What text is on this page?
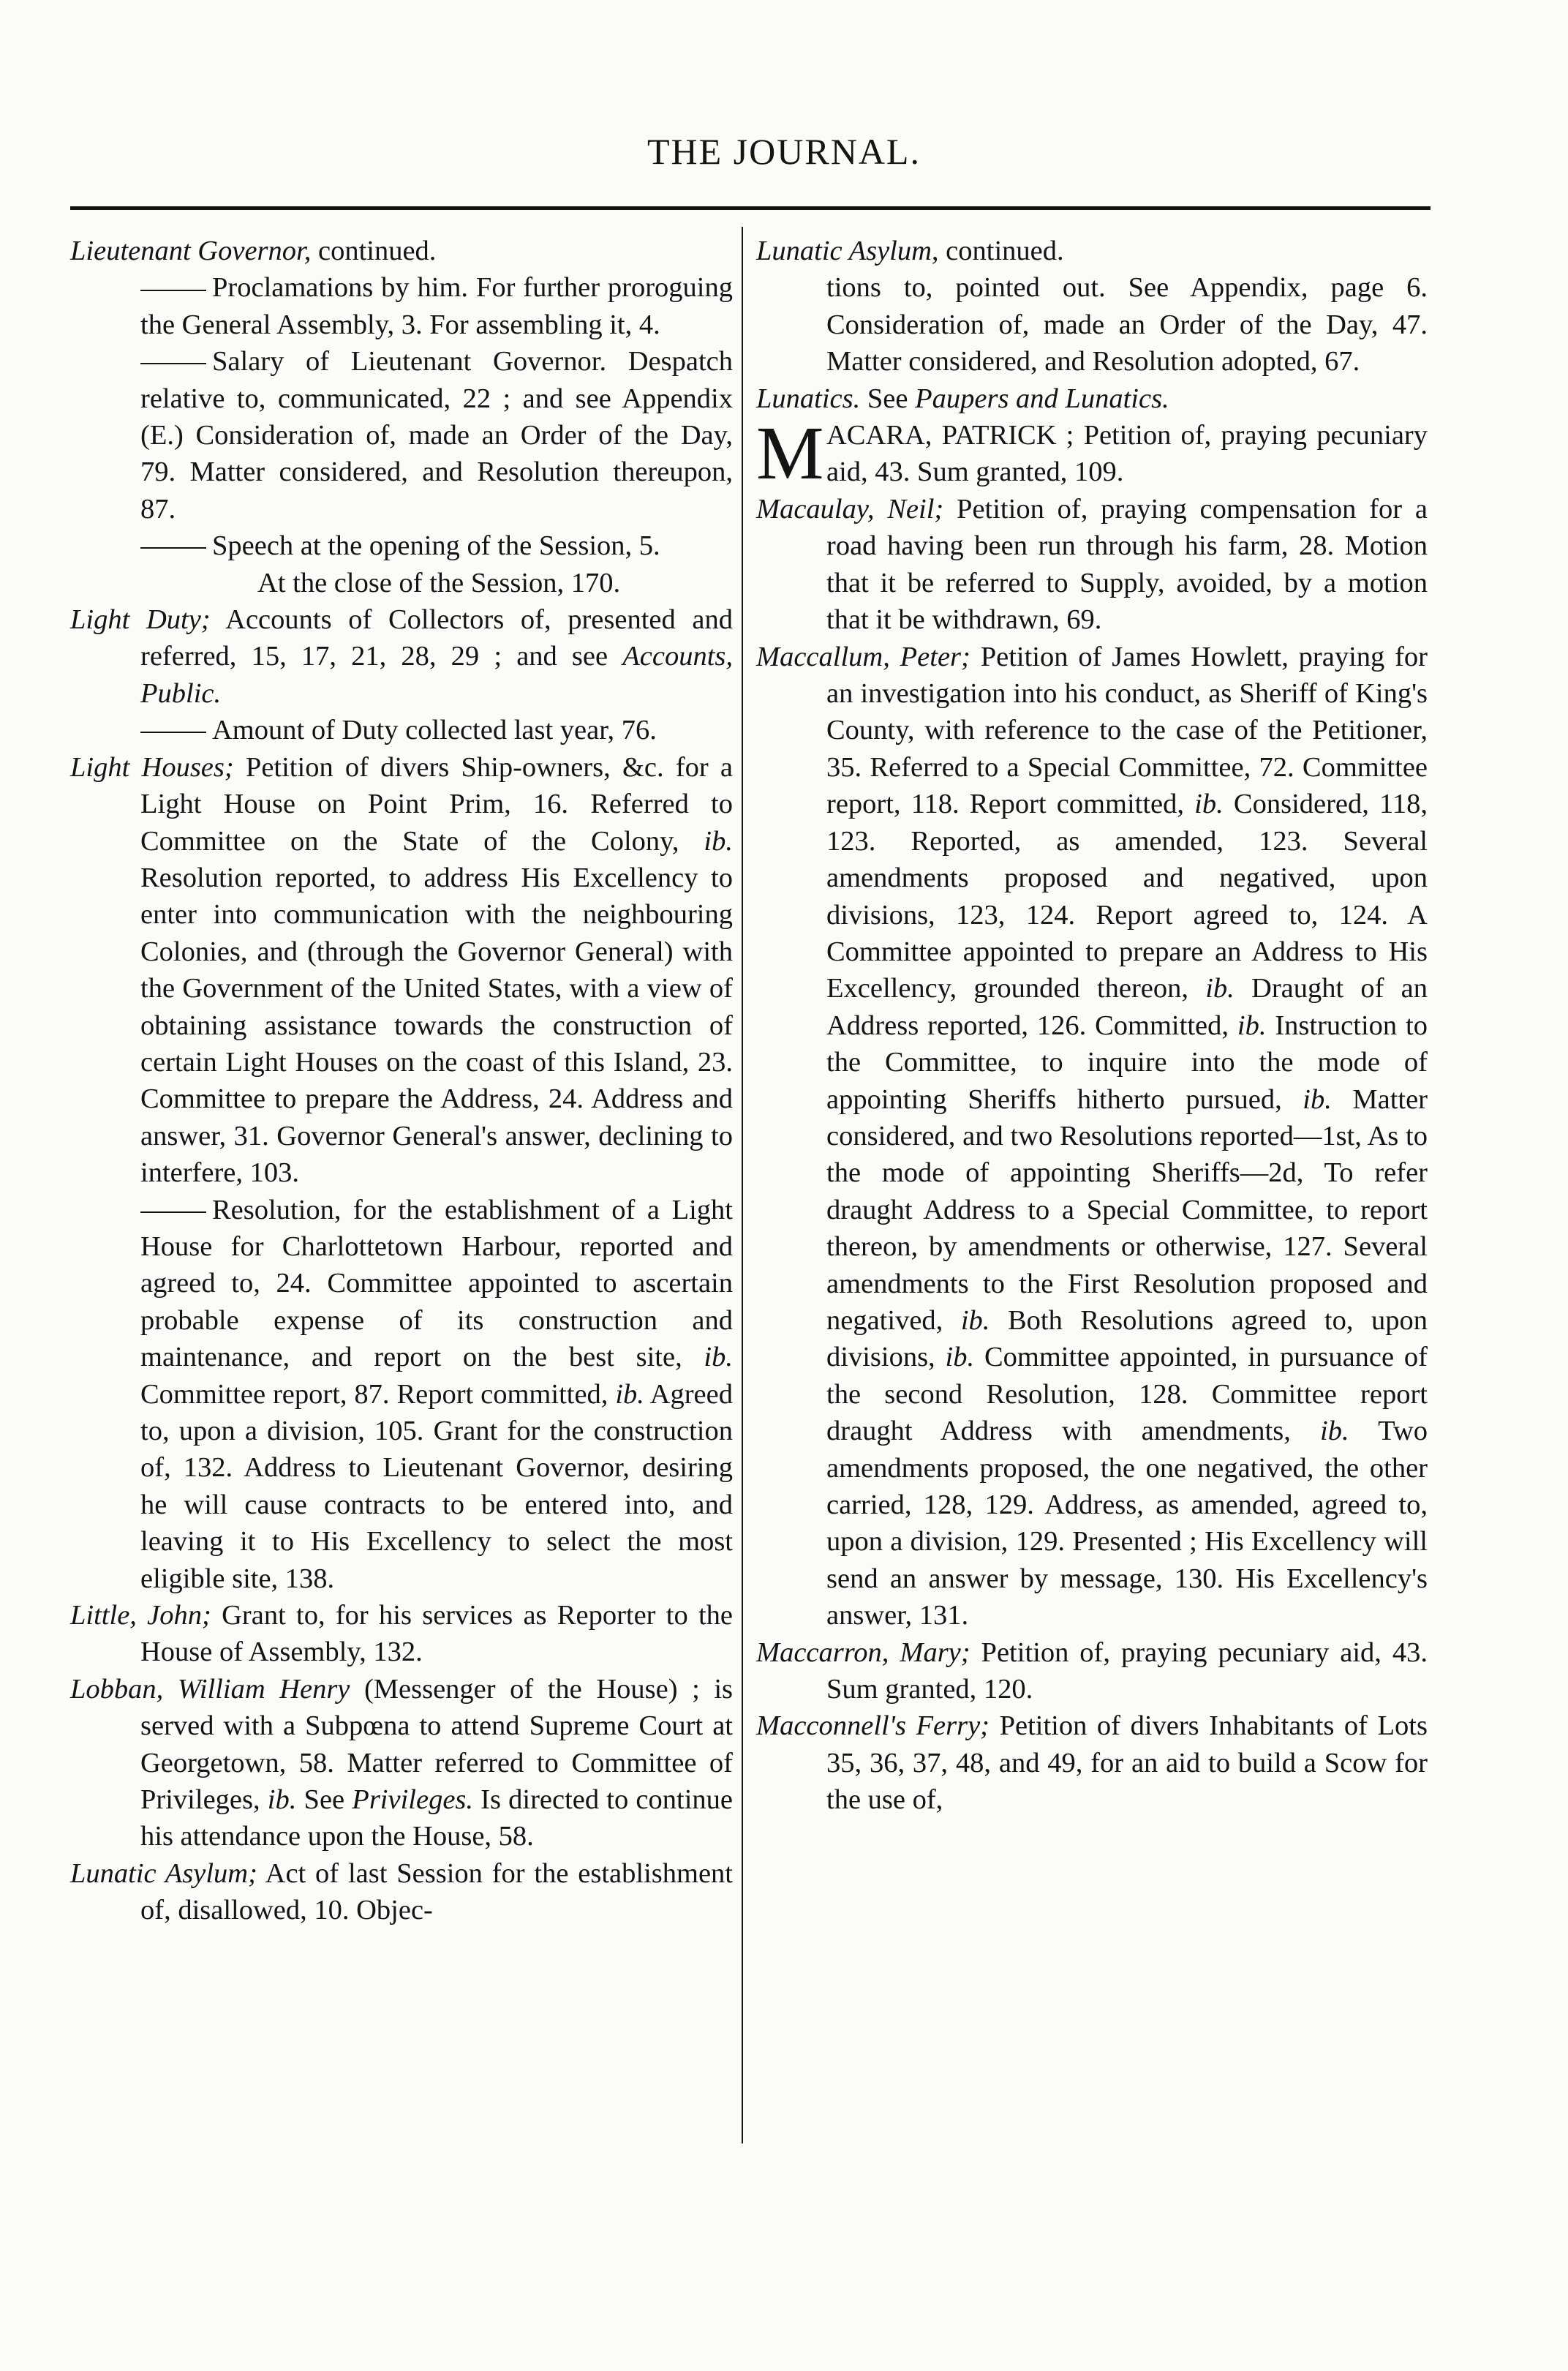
THE JOURNAL.

Lieutenant Governor, continued.

Proclamations by him. For further proroguing the General Assembly, 3. For assembling it, 4.

Salary of Lieutenant Governor. Despatch relative to, communicated, 22 ; and see Appendix (E.) Consideration of, made an Order of the Day, 79. Matter considered, and Resolution thereupon, 87.

Speech at the opening of the Session, 5.

At the close of the Session, 170.

Light Duty; Accounts of Collectors of, presented and referred, 15, 17, 21, 28, 29 ; and see Accounts, Public.

Amount of Duty collected last year, 76.

Light Houses; Petition of divers Ship-owners, &c. for a Light House on Point Prim, 16. Referred to Committee on the State of the Colony, ib. Resolution reported, to address His Excellency to enter into communication with the neighbouring Colonies, and (through the Governor General) with the Government of the United States, with a view of obtaining assistance towards the construction of certain Light Houses on the coast of this Island, 23. Committee to prepare the Address, 24. Address and answer, 31. Governor General's answer, declining to interfere, 103.

Resolution, for the establishment of a Light House for Charlottetown Harbour, reported and agreed to, 24. Committee appointed to ascertain probable expense of its construction and maintenance, and report on the best site, ib. Committee report, 87. Report committed, ib. Agreed to, upon a division, 105. Grant for the construction of, 132. Address to Lieutenant Governor, desiring he will cause contracts to be entered into, and leaving it to His Excellency to select the most eligible site, 138.

Little, John; Grant to, for his services as Reporter to the House of Assembly, 132.

Lobban, William Henry (Messenger of the House) ; is served with a Subpœna to attend Supreme Court at Georgetown, 58. Matter referred to Committee of Privileges, ib. See Privileges. Is directed to continue his attendance upon the House, 58.

Lunatic Asylum; Act of last Session for the establishment of, disallowed, 10. Objec-

Lunatic Asylum, continued.

tions to, pointed out. See Appendix, page 6. Consideration of, made an Order of the Day, 47. Matter considered, and Resolution adopted, 67.

Lunatics. See Paupers and Lunatics.

M ACARA, PATRICK ; Petition of, praying pecuniary aid, 43. Sum granted, 109.

Macaulay, Neil; Petition of, praying compensation for a road having been run through his farm, 28. Motion that it be referred to Supply, avoided, by a motion that it be withdrawn, 69.

Maccallum, Peter; Petition of James Howlett, praying for an investigation into his conduct, as Sheriff of King's County, with reference to the case of the Petitioner, 35. Referred to a Special Committee, 72. Committee report, 118. Report committed, ib. Considered, 118, 123. Reported, as amended, 123. Several amendments proposed and negatived, upon divisions, 123, 124. Report agreed to, 124. A Committee appointed to prepare an Address to His Excellency, grounded thereon, ib. Draught of an Address reported, 126. Committed, ib. Instruction to the Committee, to inquire into the mode of appointing Sheriffs hitherto pursued, ib. Matter considered, and two Resolutions reported—1st, As to the mode of appointing Sheriffs—2d, To refer draught Address to a Special Committee, to report thereon, by amendments or otherwise, 127. Several amendments to the First Resolution proposed and negatived, ib. Both Resolutions agreed to, upon divisions, ib. Committee appointed, in pursuance of the second Resolution, 128. Committee report draught Address with amendments, ib. Two amendments proposed, the one negatived, the other carried, 128, 129. Address, as amended, agreed to, upon a division, 129. Presented ; His Excellency will send an answer by message, 130. His Excellency's answer, 131.

Maccarron, Mary; Petition of, praying pecuniary aid, 43. Sum granted, 120.

Macconnell's Ferry; Petition of divers Inhabitants of Lots 35, 36, 37, 48, and 49, for an aid to build a Scow for the use of,
